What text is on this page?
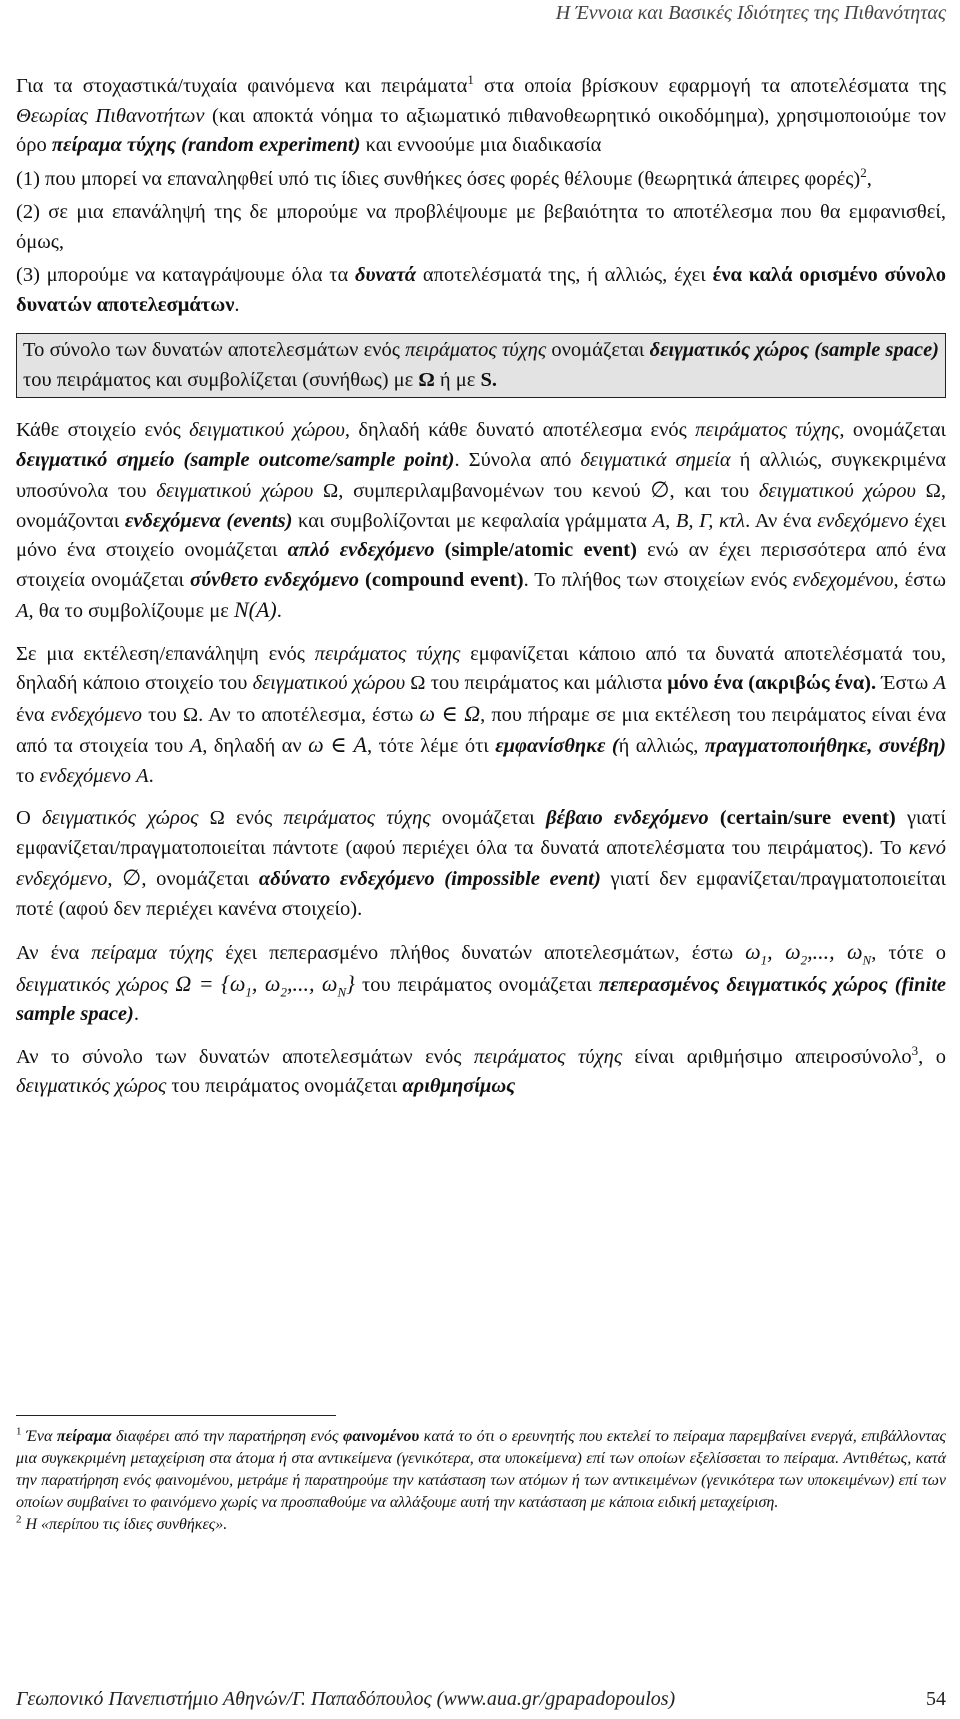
Η Έννοια και Βασικές Ιδιότητες της Πιθανότητας

Για τα στοχαστικά/τυχαία φαινόμενα και πειράματα$^1$ στα οποία βρίσκουν εφαρμογή τα αποτελέσματα της Θεωρίας Πιθανοτήτων (και αποκτά νόημα το αξιωματικό πιθανοθεωρητικό οικοδόμημα), χρησιμοποιούμε τον όρο πείραμα τύχης (random experiment) και εννοούμε μια διαδικασία

(1) που μπορεί να επαναληφθεί υπό τις ίδιες συνθήκες όσες φορές θέλουμε (θεωρητικά άπειρες φορές)$^2$,

(2) σε μια επανάληψή της δε μπορούμε να προβλέψουμε με βεβαιότητα το αποτέλεσμα που θα εμφανισθεί, όμως,

(3) μπορούμε να καταγράψουμε όλα τα δυνατά αποτελέσματά της, ή αλλιώς, έχει ένα καλά ορισμένο σύνολο δυνατών αποτελεσμάτων.

Το σύνολο των δυνατών αποτελεσμάτων ενός πειράματος τύχης ονομάζεται δειγματικός χώρος (sample space) του πειράματος και συμβολίζεται (συνήθως) με Ω ή με S.

Κάθε στοιχείο ενός δειγματικού χώρου, δηλαδή κάθε δυνατό αποτέλεσμα ενός πειράματος τύχης, ονομάζεται δειγματικό σημείο (sample outcome/sample point). Σύνολα από δειγματικά σημεία ή αλλιώς, συγκεκριμένα υποσύνολα του δειγματικού χώρου Ω, συμπεριλαμβανομένων του κενού ∅, και του δειγματικού χώρου Ω, ονομάζονται ενδεχόμενα (events) και συμβολίζονται με κεφαλαία γράμματα A, B, Γ, κτλ. Αν ένα ενδεχόμενο έχει μόνο ένα στοιχείο ονομάζεται απλό ενδεχόμενο (simple/atomic event) ενώ αν έχει περισσότερα από ένα στοιχεία ονομάζεται σύνθετο ενδεχόμενο (compound event). Το πλήθος των στοιχείων ενός ενδεχομένου, έστω A, θα το συμβολίζουμε με N(A).

Σε μια εκτέλεση/επανάληψη ενός πειράματος τύχης εμφανίζεται κάποιο από τα δυνατά αποτελέσματά του, δηλαδή κάποιο στοιχείο του δειγματικού χώρου Ω του πειράματος και μάλιστα μόνο ένα (ακριβώς ένα). Έστω A ένα ενδεχόμενο του Ω. Αν το αποτέλεσμα, έστω ω ∈ Ω, που πήραμε σε μια εκτέλεση του πειράματος είναι ένα από τα στοιχεία του A, δηλαδή αν ω ∈ A, τότε λέμε ότι εμφανίσθηκε (ή αλλιώς, πραγματοποιήθηκε, συνέβη) το ενδεχόμενο A.

Ο δειγματικός χώρος Ω ενός πειράματος τύχης ονομάζεται βέβαιο ενδεχόμενο (certain/sure event) γιατί εμφανίζεται/πραγματοποιείται πάντοτε (αφού περιέχει όλα τα δυνατά αποτελέσματα του πειράματος). Το κενό ενδεχόμενο, ∅, ονομάζεται αδύνατο ενδεχόμενο (impossible event) γιατί δεν εμφανίζεται/πραγματοποιείται ποτέ (αφού δεν περιέχει κανένα στοιχείο).

Αν ένα πείραμα τύχης έχει πεπερασμένο πλήθος δυνατών αποτελεσμάτων, έστω $\omega_1$, $\omega_2$,..., $\omega_N$, τότε ο δειγματικός χώρος $\Omega = \{\omega_1$, $\omega_2$,..., $\omega_N$} του πειράματος ονομάζεται πεπερασμένος δειγματικός χώρος (finite sample space).

Αν το σύνολο των δυνατών αποτελεσμάτων ενός πειράματος τύχης είναι αριθμήσιμο απειροσύνολο$^3$, ο δειγματικός χώρος του πειράματος ονομάζεται αριθμησίμως

$^1$ Ένα πείραμα διαφέρει από την παρατήρηση ενός φαινομένου κατά το ότι ο ερευνητής που εκτελεί το πείραμα παρεμβαίνει ενεργά, επιβάλλοντας μια συγκεκριμένη μεταχείριση στα άτομα ή στα αντικείμενα (γενικότερα, στα υποκείμενα) επί των οποίων εξελίσσεται το πείραμα. Αντιθέτως, κατά την παρατήρηση ενός φαινομένου, μετράμε ή παρατηρούμε την κατάσταση των ατόμων ή των αντικειμένων (γενικότερα των υποκειμένων) επί των οποίων συμβαίνει το φαινόμενο χωρίς να προσπαθούμε να αλλάξουμε αυτή την κατάσταση με κάποια ειδική μεταχείριση.

$^2$ Η «περίπου τις ίδιες συνθήκες».

Γεωπονικό Πανεπιστήμιο Αθηνών/Γ. Παπαδόπουλος (www.aua.gr/gpapadopoulos)	54
